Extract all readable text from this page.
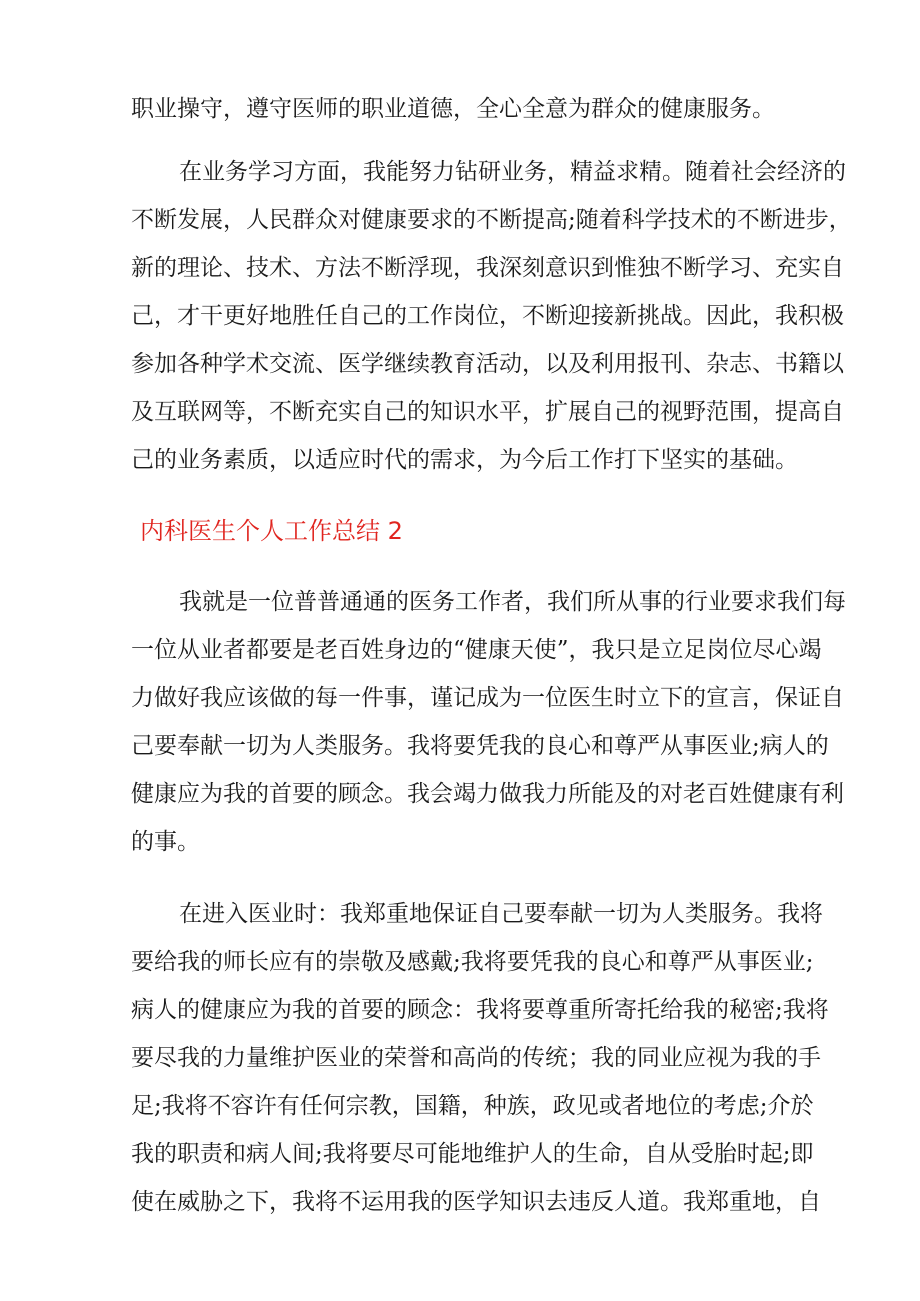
职业操守，遵守医师的职业道德，全心全意为群众的健康服务。
在业务学习方面，我能努力钻研业务，精益求精。随着社会经济的
不断发展，人民群众对健康要求的不断提高;随着科学技术的不断进步，
新的理论、技术、方法不断浮现，我深刻意识到惟独不断学习、充实自
己，才干更好地胜任自己的工作岗位，不断迎接新挑战。因此，我积极
参加各种学术交流、医学继续教育活动，以及利用报刊、杂志、书籍以
及互联网等，不断充实自己的知识水平，扩展自己的视野范围，提高自
己的业务素质，以适应时代的需求，为今后工作打下坚实的基础。
内科医生个人工作总结 2
我就是一位普普通通的医务工作者，我们所从事的行业要求我们每
一位从业者都要是老百姓身边的“健康天使”，我只是立足岗位尽心竭
力做好我应该做的每一件事，谨记成为一位医生时立下的宣言，保证自
己要奉献一切为人类服务。我将要凭我的良心和尊严从事医业;病人的
健康应为我的首要的顾念。我会竭力做我力所能及的对老百姓健康有利
的事。
在进入医业时：我郑重地保证自己要奉献一切为人类服务。我将
要给我的师长应有的崇敬及感戴;我将要凭我的良心和尊严从事医业;
病人的健康应为我的首要的顾念：我将要尊重所寄托给我的秘密;我将
要尽我的力量维护医业的荣誉和高尚的传统；我的同业应视为我的手
足;我将不容许有任何宗教，国籍，种族，政见或者地位的考虑;介於
我的职责和病人间;我将要尽可能地维护人的生命，自从受胎时起;即
使在威胁之下，我将不运用我的医学知识去违反人道。我郑重地，自
